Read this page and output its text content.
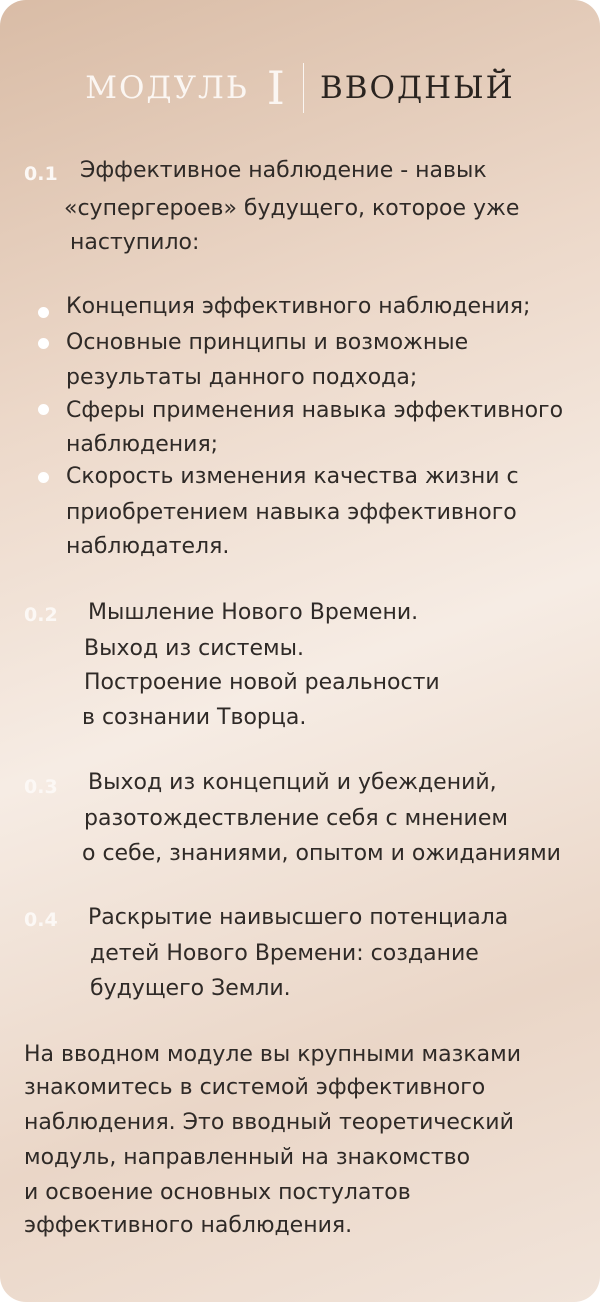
МОДУЛЬ I ВВОДНЫЙ
0.1 Эффективное наблюдение - навык
«супергероев» будущего, которое уже
наступило:
Концепция эффективного наблюдения;
Основные принципы и возможные
результаты данного подхода;
Сферы применения навыка эффективного
наблюдения;
Скорость изменения качества жизни с
приобретением навыка эффективного
наблюдателя.
0.2 Мышление Нового Времени.
Выход из системы.
Построение новой реальности
в сознании Творца.
0.3 Выход из концепций и убеждений,
разотождествление себя с мнением
о себе, знаниями, опытом и ожиданиями
0.4 Раскрытие наивысшего потенциала
детей Нового Времени: создание
будущего Земли.
На вводном модуле вы крупными мазками
знакомитесь в системой эффективного
наблюдения. Это вводный теоретический
модуль, направленный на знакомство
и освоение основных постулатов
эффективного наблюдения.
